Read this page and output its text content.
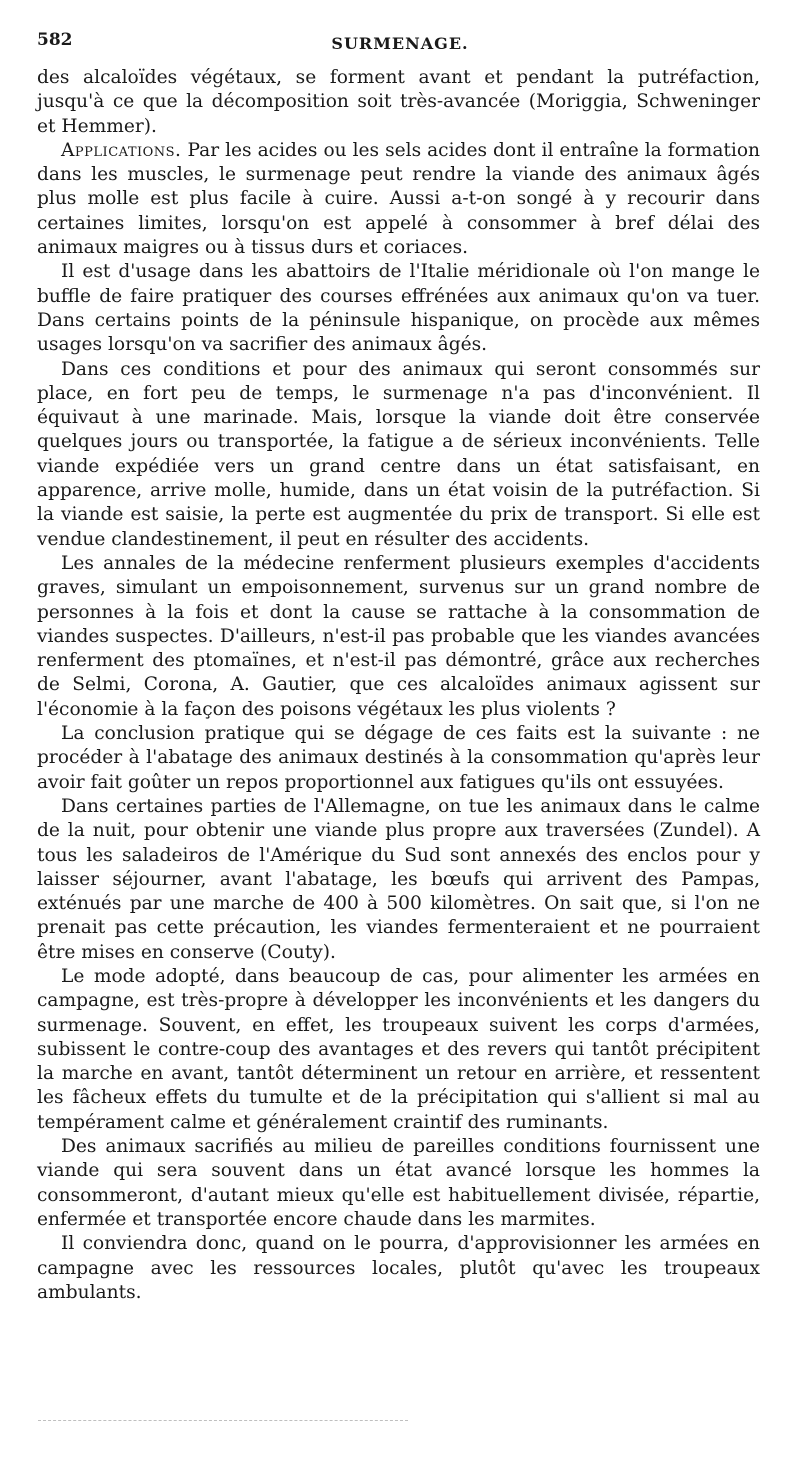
582	SURMENAGE.

des alcaloïdes végétaux, se forment avant et pendant la putréfaction, jusqu'à ce que la décomposition soit très-avancée (Moriggia, Schweninger et Hemmer).

Applications. Par les acides ou les sels acides dont il entraîne la formation dans les muscles, le surmenage peut rendre la viande des animaux âgés plus molle est plus facile à cuire. Aussi a-t-on songé à y recourir dans certaines limites, lorsqu'on est appelé à consommer à bref délai des animaux maigres ou à tissus durs et coriaces.

Il est d'usage dans les abattoirs de l'Italie méridionale où l'on mange le buffle de faire pratiquer des courses effrénées aux animaux qu'on va tuer. Dans certains points de la péninsule hispanique, on procède aux mêmes usages lorsqu'on va sacrifier des animaux âgés.

Dans ces conditions et pour des animaux qui seront consommés sur place, en fort peu de temps, le surmenage n'a pas d'inconvénient. Il équivaut à une marinade. Mais, lorsque la viande doit être conservée quelques jours ou transportée, la fatigue a de sérieux inconvénients. Telle viande expédiée vers un grand centre dans un état satisfaisant, en apparence, arrive molle, humide, dans un état voisin de la putréfaction. Si la viande est saisie, la perte est augmentée du prix de transport. Si elle est vendue clandestinement, il peut en résulter des accidents.

Les annales de la médecine renferment plusieurs exemples d'accidents graves, simulant un empoisonnement, survenus sur un grand nombre de personnes à la fois et dont la cause se rattache à la consommation de viandes suspectes. D'ailleurs, n'est-il pas probable que les viandes avancées renferment des ptomaïnes, et n'est-il pas démontré, grâce aux recherches de Selmi, Corona, A. Gautier, que ces alcaloïdes animaux agissent sur l'économie à la façon des poisons végétaux les plus violents ?

La conclusion pratique qui se dégage de ces faits est la suivante : ne procéder à l'abatage des animaux destinés à la consommation qu'après leur avoir fait goûter un repos proportionnel aux fatigues qu'ils ont essuyées.

Dans certaines parties de l'Allemagne, on tue les animaux dans le calme de la nuit, pour obtenir une viande plus propre aux traversées (Zundel). A tous les saladeiros de l'Amérique du Sud sont annexés des enclos pour y laisser séjourner, avant l'abatage, les bœufs qui arrivent des Pampas, exténués par une marche de 400 à 500 kilomètres. On sait que, si l'on ne prenait pas cette précaution, les viandes fermenteraient et ne pourraient être mises en conserve (Couty).

Le mode adopté, dans beaucoup de cas, pour alimenter les armées en campagne, est très-propre à développer les inconvénients et les dangers du surmenage. Souvent, en effet, les troupeaux suivent les corps d'armées, subissent le contre-coup des avantages et des revers qui tantôt précipitent la marche en avant, tantôt déterminent un retour en arrière, et ressentent les fâcheux effets du tumulte et de la précipitation qui s'allient si mal au tempérament calme et généralement craintif des ruminants.

Des animaux sacrifiés au milieu de pareilles conditions fournissent une viande qui sera souvent dans un état avancé lorsque les hommes la consommeront, d'autant mieux qu'elle est habituellement divisée, répartie, enfermée et transportée encore chaude dans les marmites.

Il conviendra donc, quand on le pourra, d'approvisionner les armées en campagne avec les ressources locales, plutôt qu'avec les troupeaux ambulants.
